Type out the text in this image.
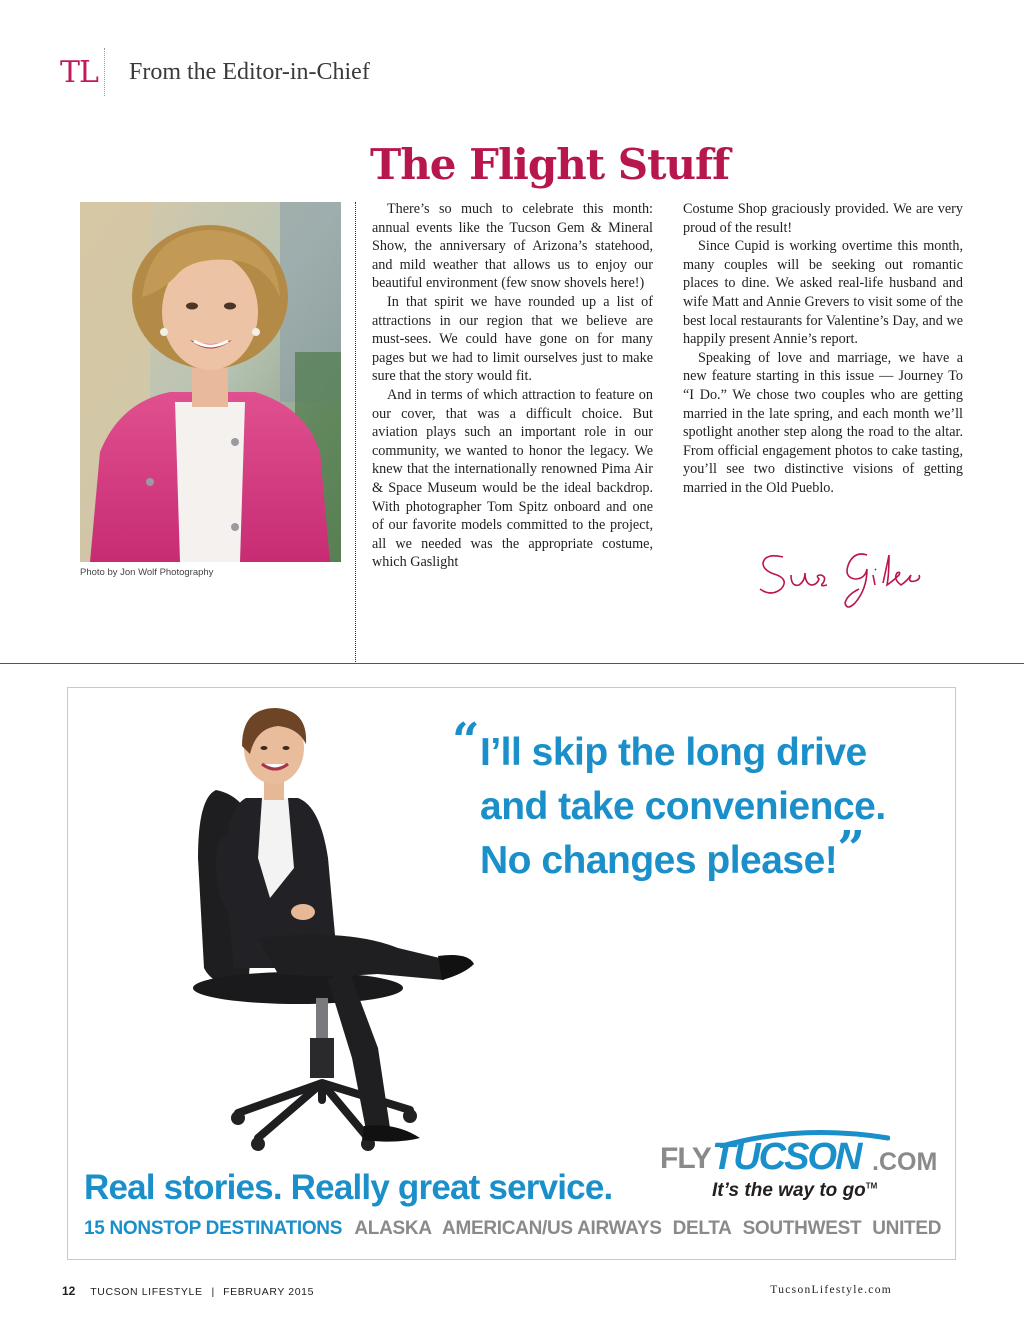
TL From the Editor-in-Chief
The Flight Stuff
Photo by Jon Wolf Photography

There’s so much to celebrate this month: annual events like the Tucson Gem & Mineral Show, the anniversary of Arizona’s statehood, and mild weather that allows us to enjoy our beautiful environment (few snow shovels here!)

In that spirit we have rounded up a list of attractions in our region that we believe are must-sees. We could have gone on for many pages but we had to limit ourselves just to make sure that the story would fit.

And in terms of which attraction to feature on our cover, that was a difficult choice. But aviation plays such an important role in our community, we wanted to honor the legacy. We knew that the internationally renowned Pima Air & Space Museum would be the ideal backdrop. With photographer Tom Spitz onboard and one of our favorite models committed to the project, all we needed was the appropriate costume, which Gaslight

Costume Shop graciously provided. We are very proud of the result!

Since Cupid is working overtime this month, many couples will be seeking out romantic places to dine. We asked real-life husband and wife Matt and Annie Grevers to visit some of the best local restaurants for Valentine’s Day, and we happily present Annie’s report.

Speaking of love and marriage, we have a new feature starting in this issue — Journey To “I Do.” We chose two couples who are getting married in the late spring, and each month we’ll spotlight another step along the road to the altar. From official engagement photos to cake tasting, you’ll see two distinctive visions of getting married in the Old Pueblo.

“ I’ll skip the long drive
and take convenience.
No changes please!”
FLY TUCSON .COM
It’s the way to go™
Real stories. Really great service.
15 NONSTOP DESTINATIONS ALASKA AMERICAN/US AIRWAYS DELTA SOUTHWEST UNITED
12 TUCSON LIFESTYLE | FEBRUARY 2015	TucsonLifestyle.com
